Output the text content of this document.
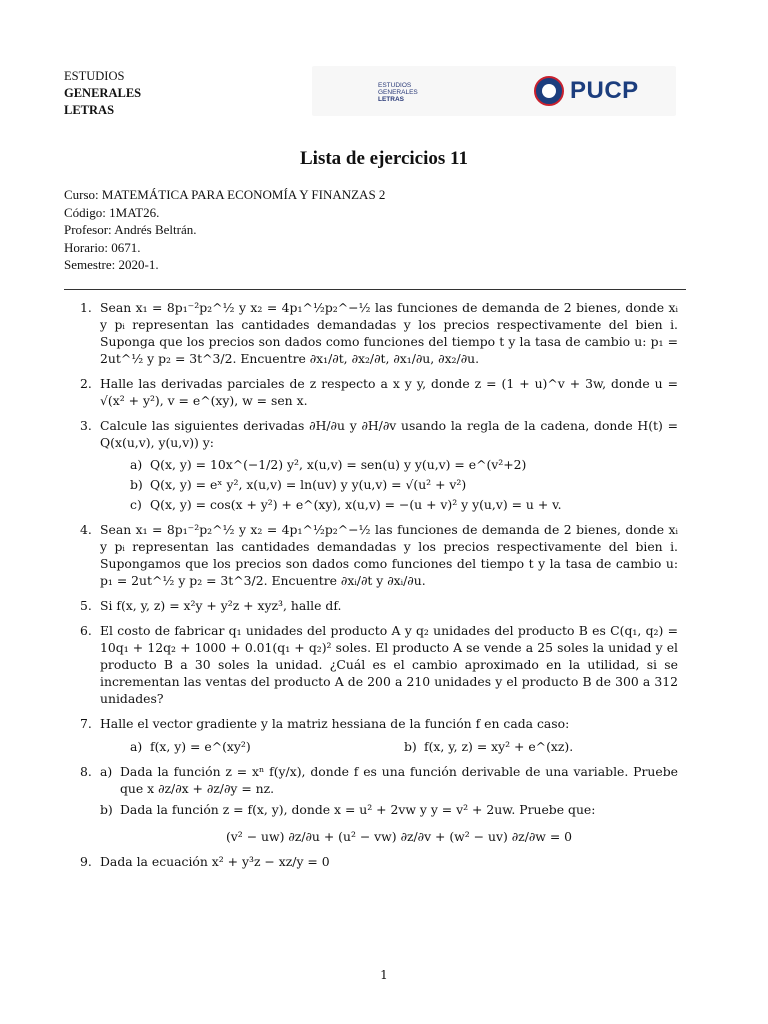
ESTUDIOS
GENERALES
LETRAS
ESTUDIOS
GENERALES
LETRAS	PUCP
Lista de ejercicios 11
Curso: MATEMÁTICA PARA ECONOMÍA Y FINANZAS 2
Código: 1MAT26.
Profesor: Andrés Beltrán.
Horario: 0671.
Semestre: 2020-1.
1. Sean x₁ = 8p₁⁻²p₂^½ y x₂ = 4p₁^½p₂^−½ las funciones de demanda de 2 bienes, donde xᵢ y pᵢ representan las cantidades demandadas y los precios respectivamente del bien i. Suponga que los precios son dados como funciones del tiempo t y la tasa de cambio u: p₁ = 2ut^½ y p₂ = 3t^3/2. Encuentre ∂x₁/∂t, ∂x₂/∂t, ∂x₁/∂u, ∂x₂/∂u.
2. Halle las derivadas parciales de z respecto a x y y, donde z = (1 + u)^v + 3w, donde u = √(x² + y²), v = e^(xy), w = sen x.
3. Calcule las siguientes derivadas ∂H/∂u y ∂H/∂v usando la regla de la cadena, donde H(t) = Q(x(u,v), y(u,v)) y:
a) Q(x, y) = 10x^(−1/2) y², x(u,v) = sen(u) y y(u,v) = e^(v²+2)
b) Q(x, y) = eˣ y², x(u,v) = ln(uv) y y(u,v) = √(u² + v²)
c) Q(x, y) = cos(x + y²) + e^(xy), x(u,v) = −(u + v)² y y(u,v) = u + v.
4. Sean x₁ = 8p₁⁻²p₂^½ y x₂ = 4p₁^½p₂^−½ las funciones de demanda de 2 bienes, donde xᵢ y pᵢ representan las cantidades demandadas y los precios respectivamente del bien i. Supongamos que los precios son dados como funciones del tiempo t y la tasa de cambio u: p₁ = 2ut^½ y p₂ = 3t^3/2. Encuentre ∂xᵢ/∂t y ∂xᵢ/∂u.
5. Si f(x, y, z) = x²y + y²z + xyz³, halle df.
6. El costo de fabricar q₁ unidades del producto A y q₂ unidades del producto B es C(q₁, q₂) = 10q₁ + 12q₂ + 1000 + 0.01(q₁ + q₂)² soles. El producto A se vende a 25 soles la unidad y el producto B a 30 soles la unidad. ¿Cuál es el cambio aproximado en la utilidad, si se incrementan las ventas del producto A de 200 a 210 unidades y el producto B de 300 a 312 unidades?
7. Halle el vector gradiente y la matriz hessiana de la función f en cada caso:
a) f(x, y) = e^(xy²)	b) f(x, y, z) = xy² + e^(xz).
8. a) Dada la función z = xⁿ f(y/x), donde f es una función derivable de una variable. Pruebe que x ∂z/∂x + ∂z/∂y = nz.
b) Dada la función z = f(x, y), donde x = u² + 2vw y y = v² + 2uw. Pruebe que:
(v² − uw) ∂z/∂u + (u² − vw) ∂z/∂v + (w² − uv) ∂z/∂w = 0
9. Dada la ecuación x² + y³z − xz/y = 0
1
